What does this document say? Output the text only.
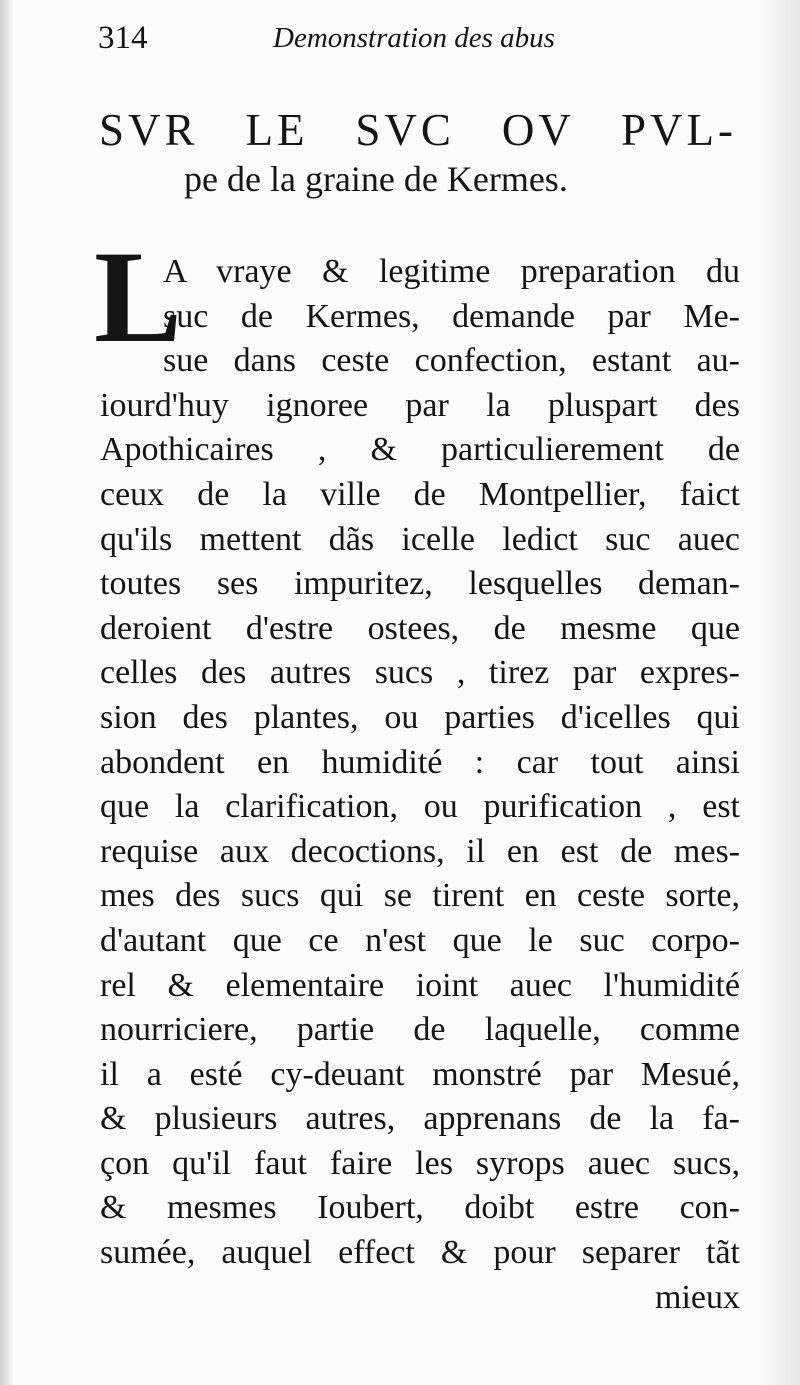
314	Demonstration des abus
SVR LE SVC OV PVL-
pe de la graine de Kermes.
L
A vraye & legitime preparation du
suc de Kermes, demande par Me-
sue dans ceste confection, estant au-
iourd'huy ignoree par la pluspart des
Apothicaires , & particulierement de
ceux de la ville de Montpellier, faict
qu'ils mettent dãs icelle ledict suc auec
toutes ses impuritez, lesquelles deman-
deroient d'estre ostees, de mesme que
celles des autres sucs , tirez par expres-
sion des plantes, ou parties d'icelles qui
abondent en humidité : car tout ainsi
que la clarification, ou purification , est
requise aux decoctions, il en est de mes-
mes des sucs qui se tirent en ceste sorte,
d'autant que ce n'est que le suc corpo-
rel & elementaire ioint auec l'humidité
nourriciere, partie de laquelle, comme
il a esté cy-deuant monstré par Mesué,
& plusieurs autres, apprenans de la fa-
çon qu'il faut faire les syrops auec sucs,
& mesmes Ioubert, doibt estre con-
sumée, auquel effect & pour separer tãt
mieux
